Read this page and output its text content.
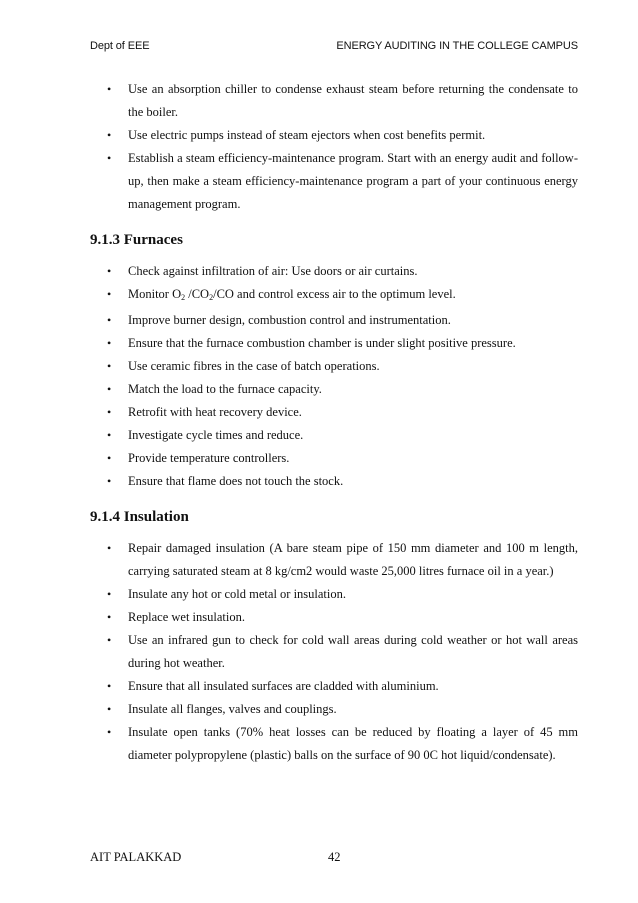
Dept of EEE	ENERGY AUDITING IN THE COLLEGE CAMPUS
• Use an absorption chiller to condense exhaust steam before returning the condensate to the boiler.
• Use electric pumps instead of steam ejectors when cost benefits permit.
• Establish a steam efficiency-maintenance program. Start with an energy audit and follow-up, then make a steam efficiency-maintenance program a part of your continuous energy management program.
9.1.3 Furnaces
• Check against infiltration of air: Use doors or air curtains.
• Monitor $O_2$ $/CO_2/CO$ and control excess air to the optimum level.
• Improve burner design, combustion control and instrumentation.
• Ensure that the furnace combustion chamber is under slight positive pressure.
• Use ceramic fibres in the case of batch operations.
• Match the load to the furnace capacity.
• Retrofit with heat recovery device.
• Investigate cycle times and reduce.
• Provide temperature controllers.
• Ensure that flame does not touch the stock.
9.1.4 Insulation
• Repair damaged insulation (A bare steam pipe of 150 mm diameter and 100 m length, carrying saturated steam at 8 kg/cm2 would waste 25,000 litres furnace oil in a year.)
• Insulate any hot or cold metal or insulation.
• Replace wet insulation.
• Use an infrared gun to check for cold wall areas during cold weather or hot wall areas during hot weather.
• Ensure that all insulated surfaces are cladded with aluminium.
• Insulate all flanges, valves and couplings.
• Insulate open tanks (70% heat losses can be reduced by floating a layer of 45 mm diameter polypropylene (plastic) balls on the surface of 90 0C hot liquid/condensate).
AIT PALAKKAD	42
